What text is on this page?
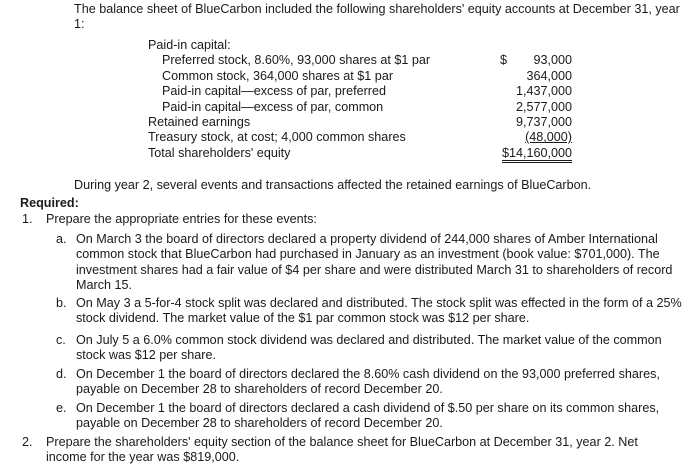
The balance sheet of BlueCarbon included the following shareholders' equity accounts at December 31, year 1:
Paid-in capital:
Preferred stock, 8.60%, 93,000 shares at $1 par	$ 93,000
Common stock, 364,000 shares at $1 par	364,000
Paid-in capital—excess of par, preferred	1,437,000
Paid-in capital—excess of par, common	2,577,000
Retained earnings	9,737,000
Treasury stock, at cost; 4,000 common shares	(48,000)
Total shareholders' equity	$14,160,000
During year 2, several events and transactions affected the retained earnings of BlueCarbon.
Required:
1. Prepare the appropriate entries for these events:
a. On March 3 the board of directors declared a property dividend of 244,000 shares of Amber International common stock that BlueCarbon had purchased in January as an investment (book value: $701,000). The investment shares had a fair value of $4 per share and were distributed March 31 to shareholders of record March 15.
b. On May 3 a 5-for-4 stock split was declared and distributed. The stock split was effected in the form of a 25% stock dividend. The market value of the $1 par common stock was $12 per share.
c. On July 5 a 6.0% common stock dividend was declared and distributed. The market value of the common stock was $12 per share.
d. On December 1 the board of directors declared the 8.60% cash dividend on the 93,000 preferred shares, payable on December 28 to shareholders of record December 20.
e. On December 1 the board of directors declared a cash dividend of $.50 per share on its common shares, payable on December 28 to shareholders of record December 20.
2. Prepare the shareholders' equity section of the balance sheet for BlueCarbon at December 31, year 2. Net income for the year was $819,000.
